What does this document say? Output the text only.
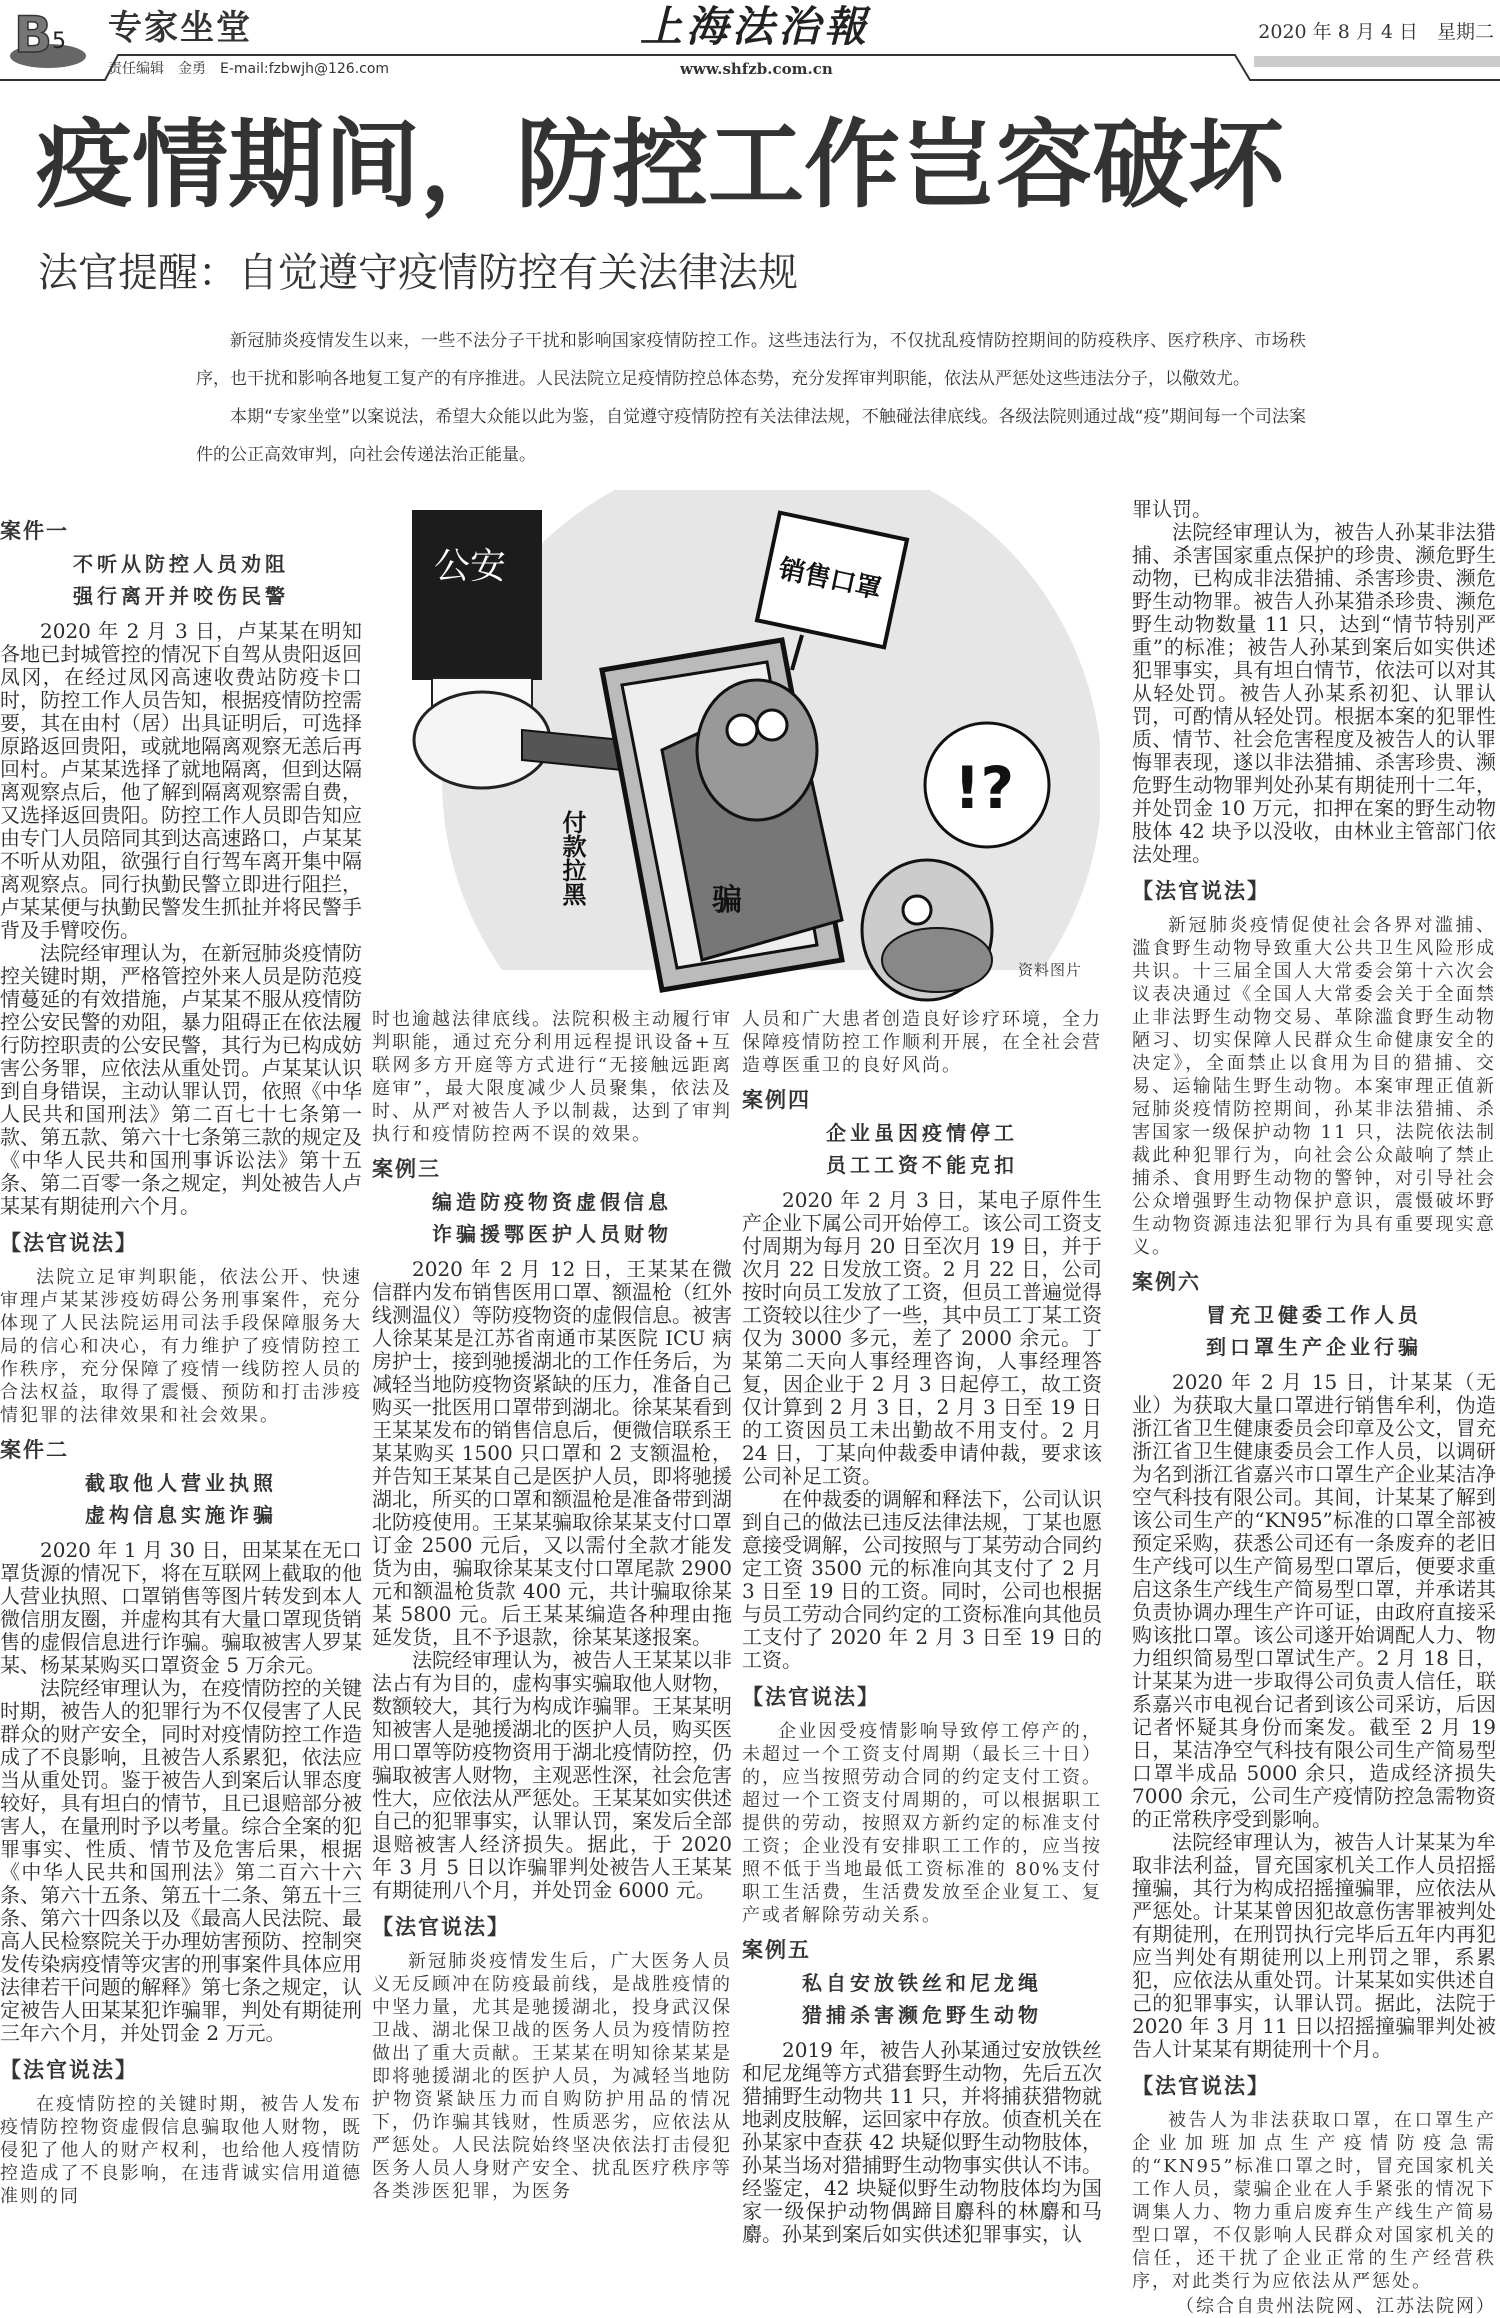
B 5 专家坐堂	上海法治報	2020 年 8 月 4 日　星期二
责任编辑　金勇　E-mail:fzbwjh@126.com	www.shfzb.com.cn
疫情期间，防控工作岂容破坏
法官提醒：自觉遵守疫情防控有关法律法规

新冠肺炎疫情发生以来，一些不法分子干扰和影响国家疫情防控工作。这些违法行为，不仅扰乱疫情防控期间的防疫秩序、医疗秩序、市场秩序，也干扰和影响各地复工复产的有序推进。人民法院立足疫情防控总体态势，充分发挥审判职能，依法从严惩处这些违法分子，以儆效尤。

本期“专家坐堂”以案说法，希望大众能以此为鉴，自觉遵守疫情防控有关法律法规，不触碰法律底线。各级法院则通过战“疫”期间每一个司法案件的公正高效审判，向社会传递法治正能量。

案件一
不听从防控人员劝阻
强行离开并咬伤民警

2020 年 2 月 3 日，卢某某在明知各地已封城管控的情况下自驾从贵阳返回凤冈，在经过凤冈高速收费站防疫卡口时，防控工作人员告知，根据疫情防控需要，其在由村（居）出具证明后，可选择原路返回贵阳，或就地隔离观察无恙后再回村。卢某某选择了就地隔离，但到达隔离观察点后，他了解到隔离观察需自费，又选择返回贵阳。防控工作人员即告知应由专门人员陪同其到达高速路口，卢某某不听从劝阻，欲强行自行驾车离开集中隔离观察点。同行执勤民警立即进行阻拦，卢某某便与执勤民警发生抓扯并将民警手背及手臂咬伤。

法院经审理认为，在新冠肺炎疫情防控关键时期，严格管控外来人员是防范疫情蔓延的有效措施，卢某某不服从疫情防控公安民警的劝阻，暴力阻碍正在依法履行防控职责的公安民警，其行为已构成妨害公务罪，应依法从重处罚。卢某某认识到自身错误，主动认罪认罚，依照《中华人民共和国刑法》第二百七十七条第一款、第五款、第六十七条第三款的规定及《中华人民共和国刑事诉讼法》第十五条、第二百零一条之规定，判处被告人卢某某有期徒刑六个月。

【法官说法】

法院立足审判职能，依法公开、快速审理卢某某涉疫妨碍公务刑事案件，充分体现了人民法院运用司法手段保障服务大局的信心和决心，有力维护了疫情防控工作秩序，充分保障了疫情一线防控人员的合法权益，取得了震慑、预防和打击涉疫情犯罪的法律效果和社会效果。

案件二
截取他人营业执照
虚构信息实施诈骗

2020 年 1 月 30 日，田某某在无口罩货源的情况下，将在互联网上截取的他人营业执照、口罩销售等图片转发到本人微信朋友圈，并虚构其有大量口罩现货销售的虚假信息进行诈骗。骗取被害人罗某某、杨某某购买口罩资金 5 万余元。

法院经审理认为，在疫情防控的关键时期，被告人的犯罪行为不仅侵害了人民群众的财产安全，同时对疫情防控工作造成了不良影响，且被告人系累犯，依法应当从重处罚。鉴于被告人到案后认罪态度较好，具有坦白的情节，且已退赔部分被害人，在量刑时予以考量。综合全案的犯罪事实、性质、情节及危害后果，根据《中华人民共和国刑法》第二百六十六条、第六十五条、第五十二条、第五十三条、第六十四条以及《最高人民法院、最高人民检察院关于办理妨害预防、控制突发传染病疫情等灾害的刑事案件具体应用法律若干问题的解释》第七条之规定，认定被告人田某某犯诈骗罪，判处有期徒刑三年六个月，并处罚金 2 万元。

【法官说法】

在疫情防控的关键时期，被告人发布疫情防控物资虚假信息骗取他人财物，既侵犯了他人的财产权利，也给他人疫情防控造成了不良影响，在违背诚实信用道德准则的同

时也逾越法律底线。法院积极主动履行审判职能，通过充分利用远程提讯设备+互联网多方开庭等方式进行“无接触远距离庭审”，最大限度减少人员聚集，依法及时、从严对被告人予以制裁，达到了审判执行和疫情防控两不误的效果。

案例三
编造防疫物资虚假信息
诈骗援鄂医护人员财物

2020 年 2 月 12 日，王某某在微信群内发布销售医用口罩、额温枪（红外线测温仪）等防疫物资的虚假信息。被害人徐某某是江苏省南通市某医院 ICU 病房护士，接到驰援湖北的工作任务后，为减轻当地防疫物资紧缺的压力，准备自己购买一批医用口罩带到湖北。徐某某看到王某某发布的销售信息后，便微信联系王某某购买 1500 只口罩和 2 支额温枪，并告知王某某自己是医护人员，即将驰援湖北，所买的口罩和额温枪是准备带到湖北防疫使用。王某某骗取徐某某支付口罩订金 2500 元后，又以需付全款才能发货为由，骗取徐某某支付口罩尾款 2900 元和额温枪货款 400 元，共计骗取徐某某 5800 元。后王某某编造各种理由拖延发货，且不予退款，徐某某遂报案。

法院经审理认为，被告人王某某以非法占有为目的，虚构事实骗取他人财物，数额较大，其行为构成诈骗罪。王某某明知被害人是驰援湖北的医护人员，购买医用口罩等防疫物资用于湖北疫情防控，仍骗取被害人财物，主观恶性深，社会危害性大，应依法从严惩处。王某某如实供述自己的犯罪事实，认罪认罚，案发后全部退赔被害人经济损失。据此，于 2020 年 3 月 5 日以诈骗罪判处被告人王某某有期徒刑八个月，并处罚金 6000 元。

【法官说法】

新冠肺炎疫情发生后，广大医务人员义无反顾冲在防疫最前线，是战胜疫情的中坚力量，尤其是驰援湖北，投身武汉保卫战、湖北保卫战的医务人员为疫情防控做出了重大贡献。王某某在明知徐某某是即将驰援湖北的医护人员，为减轻当地防护物资紧缺压力而自购防护用品的情况下，仍诈骗其钱财，性质恶劣，应依法从严惩处。人民法院始终坚决依法打击侵犯医务人员人身财产安全、扰乱医疗秩序等各类涉医犯罪，为医务

人员和广大患者创造良好诊疗环境，全力保障疫情防控工作顺利开展，在全社会营造尊医重卫的良好风尚。

案例四
企业虽因疫情停工
员工工资不能克扣

2020 年 2 月 3 日，某电子原件生产企业下属公司开始停工。该公司工资支付周期为每月 20 日至次月 19 日，并于次月 22 日发放工资。2 月 22 日，公司按时向员工发放了工资，但员工普遍觉得工资较以往少了一些，其中员工丁某工资仅为 3000 多元，差了 2000 余元。丁某第二天向人事经理咨询，人事经理答复，因企业于 2 月 3 日起停工，故工资仅计算到 2 月 3 日，2 月 3 日至 19 日的工资因员工未出勤故不用支付。2 月 24 日，丁某向仲裁委申请仲裁，要求该公司补足工资。

在仲裁委的调解和释法下，公司认识到自己的做法已违反法律法规，丁某也愿意接受调解，公司按照与丁某劳动合同约定工资 3500 元的标准向其支付了 2 月 3 日至 19 日的工资。同时，公司也根据与员工劳动合同约定的工资标准向其他员工支付了 2020 年 2 月 3 日至 19 日的工资。

【法官说法】

企业因受疫情影响导致停工停产的，未超过一个工资支付周期（最长三十日）的，应当按照劳动合同的约定支付工资。超过一个工资支付周期的，可以根据职工提供的劳动，按照双方新约定的标准支付工资；企业没有安排职工工作的，应当按照不低于当地最低工资标准的 80%支付职工生活费，生活费发放至企业复工、复产或者解除劳动关系。

案例五
私自安放铁丝和尼龙绳
猎捕杀害濒危野生动物

2019 年，被告人孙某通过安放铁丝和尼龙绳等方式猎套野生动物，先后五次猎捕野生动物共 11 只，并将捕获猎物就地剥皮肢解，运回家中存放。侦查机关在孙某家中查获 42 块疑似野生动物肢体，孙某当场对猎捕野生动物事实供认不讳。经鉴定，42 块疑似野生动物肢体均为国家一级保护动物偶蹄目麝科的林麝和马麝。孙某到案后如实供述犯罪事实，认

罪认罚。

法院经审理认为，被告人孙某非法猎捕、杀害国家重点保护的珍贵、濒危野生动物，已构成非法猎捕、杀害珍贵、濒危野生动物罪。被告人孙某猎杀珍贵、濒危野生动物数量 11 只，达到“情节特别严重”的标准；被告人孙某到案后如实供述犯罪事实，具有坦白情节，依法可以对其从轻处罚。被告人孙某系初犯、认罪认罚，可酌情从轻处罚。根据本案的犯罪性质、情节、社会危害程度及被告人的认罪悔罪表现，遂以非法猎捕、杀害珍贵、濒危野生动物罪判处孙某有期徒刑十二年，并处罚金 10 万元，扣押在案的野生动物肢体 42 块予以没收，由林业主管部门依法处理。

【法官说法】

新冠肺炎疫情促使社会各界对滥捕、滥食野生动物导致重大公共卫生风险形成共识。十三届全国人大常委会第十六次会议表决通过《全国人大常委会关于全面禁止非法野生动物交易、革除滥食野生动物陋习、切实保障人民群众生命健康安全的决定》，全面禁止以食用为目的猎捕、交易、运输陆生野生动物。本案审理正值新冠肺炎疫情防控期间，孙某非法猎捕、杀害国家一级保护动物 11 只，法院依法制裁此种犯罪行为，向社会公众敲响了禁止捕杀、食用野生动物的警钟，对引导社会公众增强野生动物保护意识，震慑破坏野生动物资源违法犯罪行为具有重要现实意义。

案例六
冒充卫健委工作人员
到口罩生产企业行骗

2020 年 2 月 15 日，计某某（无业）为获取大量口罩进行销售牟利，伪造浙江省卫生健康委员会印章及公文，冒充浙江省卫生健康委员会工作人员，以调研为名到浙江省嘉兴市口罩生产企业某洁净空气科技有限公司。其间，计某某了解到该公司生产的“KN95”标准的口罩全部被预定采购，获悉公司还有一条废弃的老旧生产线可以生产简易型口罩后，便要求重启这条生产线生产简易型口罩，并承诺其负责协调办理生产许可证，由政府直接采购该批口罩。该公司遂开始调配人力、物力组织简易型口罩试生产。2 月 18 日，计某某为进一步取得公司负责人信任，联系嘉兴市电视台记者到该公司采访，后因记者怀疑其身份而案发。截至 2 月 19 日，某洁净空气科技有限公司生产简易型口罩半成品 5000 余只，造成经济损失 7000 余元，公司生产疫情防控急需物资的正常秩序受到影响。

法院经审理认为，被告人计某某为牟取非法利益，冒充国家机关工作人员招摇撞骗，其行为构成招摇撞骗罪，应依法从严惩处。计某某曾因犯故意伤害罪被判处有期徒刑，在刑罚执行完毕后五年内再犯应当判处有期徒刑以上刑罚之罪，系累犯，应依法从重处罚。计某某如实供述自己的犯罪事实，认罪认罚。据此，法院于 2020 年 3 月 11 日以招摇撞骗罪判处被告人计某某有期徒刑十个月。

【法官说法】

被告人为非法获取口罩，在口罩生产企业加班加点生产疫情防疫急需的“KN95”标准口罩之时，冒充国家机关工作人员，蒙骗企业在人手紧张的情况下调集人力、物力重启废弃生产线生产简易型口罩，不仅影响人民群众对国家机关的信任，还干扰了企业正常的生产经营秩序，对此类行为应依法从严惩处。

（综合自贵州法院网、江苏法院网）
公安
骗
付款拉黑
销售口罩
!?
资料图片
